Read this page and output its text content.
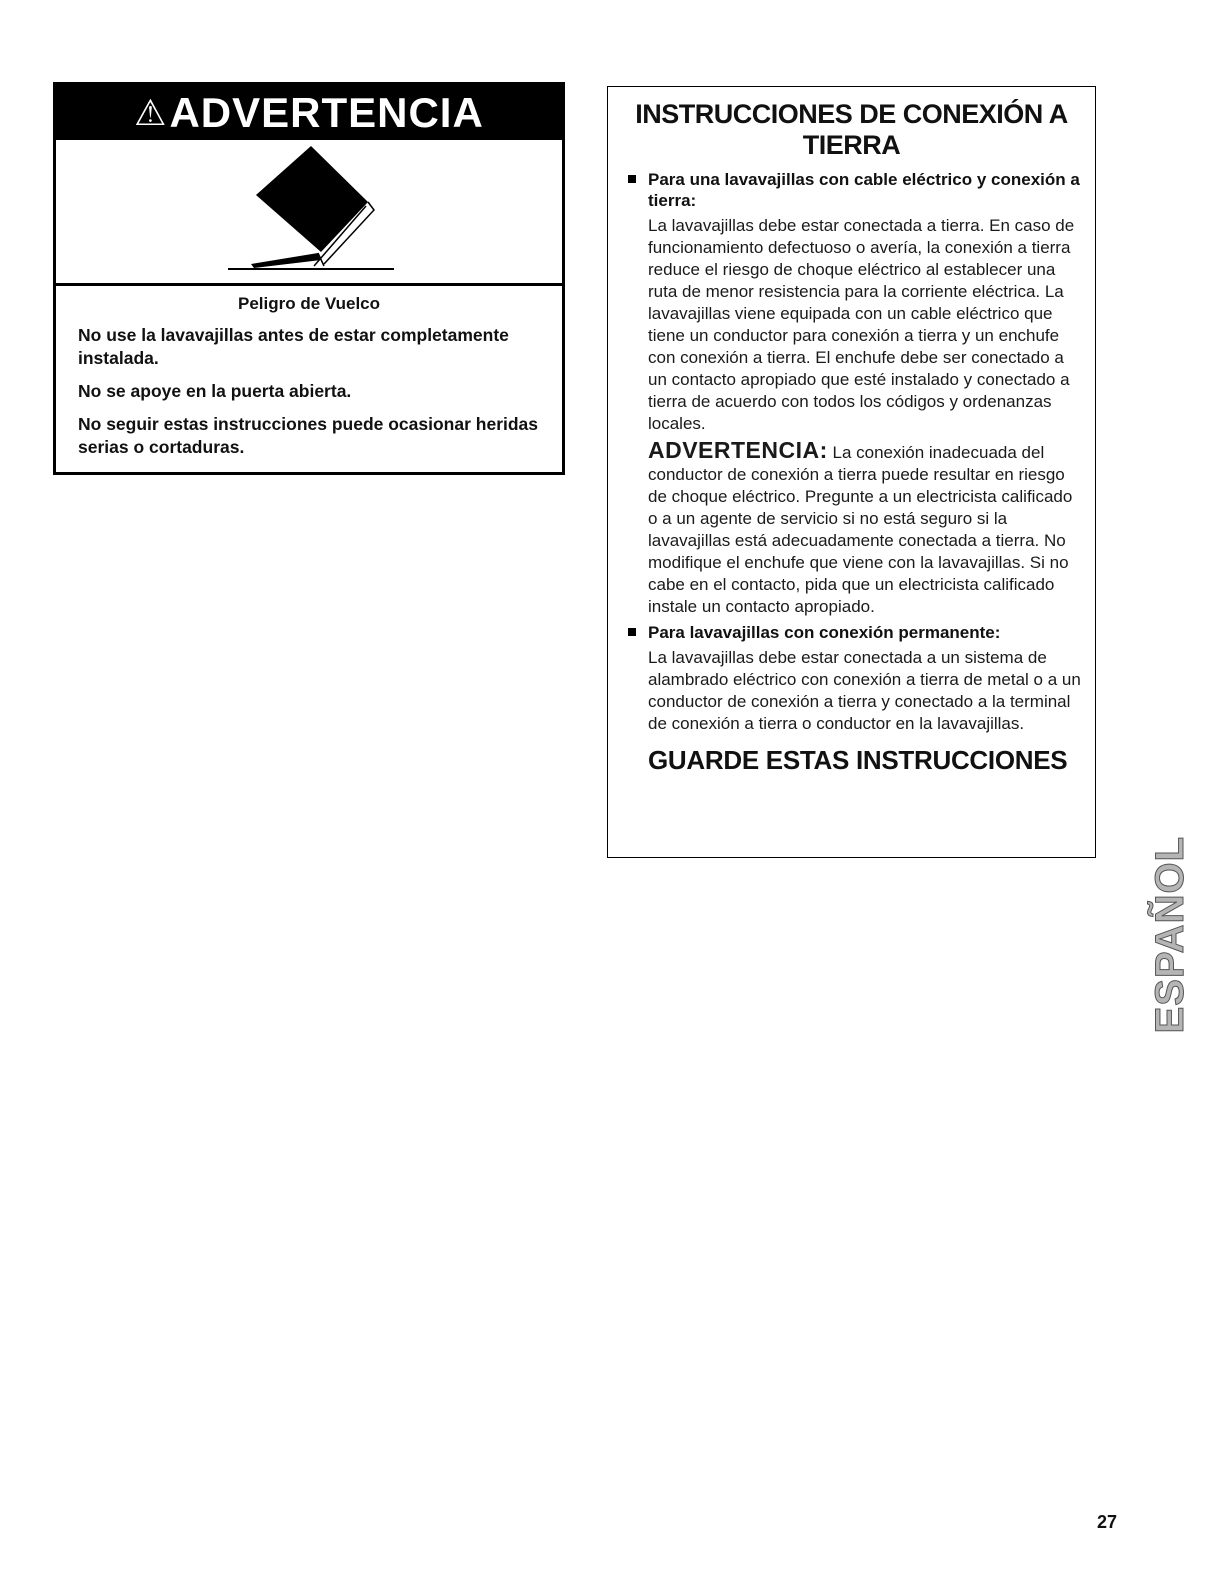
⚠ ADVERTENCIA
Peligro de Vuelco

No use la lavavajillas antes de estar completamente instalada.

No se apoye en la puerta abierta.

No seguir estas instrucciones puede ocasionar heridas serias o cortaduras.

INSTRUCCIONES DE CONEXIÓN A TIERRA
Para una lavavajillas con cable eléctrico y conexión a tierra:

La lavavajillas debe estar conectada a tierra. En caso de funcionamiento defectuoso o avería, la conexión a tierra reduce el riesgo de choque eléctrico al establecer una ruta de menor resistencia para la corriente eléctrica. La lavavajillas viene equipada con un cable eléctrico que tiene un conductor para conexión a tierra y un enchufe con conexión a tierra. El enchufe debe ser conectado a un contacto apropiado que esté instalado y conectado a tierra de acuerdo con todos los códigos y ordenanzas locales.

ADVERTENCIA: La conexión inadecuada del conductor de conexión a tierra puede resultar en riesgo de choque eléctrico. Pregunte a un electricista calificado o a un agente de servicio si no está seguro si la lavavajillas está adecuadamente conectada a tierra. No modifique el enchufe que viene con la lavavajillas. Si no cabe en el contacto, pida que un electricista calificado instale un contacto apropiado.

Para lavavajillas con conexión permanente:

La lavavajillas debe estar conectada a un sistema de alambrado eléctrico con conexión a tierra de metal o a un conductor de conexión a tierra y conectado a la terminal de conexión a tierra o conductor en la lavavajillas.

GUARDE ESTAS INSTRUCCIONES
ESPAÑOL
27
